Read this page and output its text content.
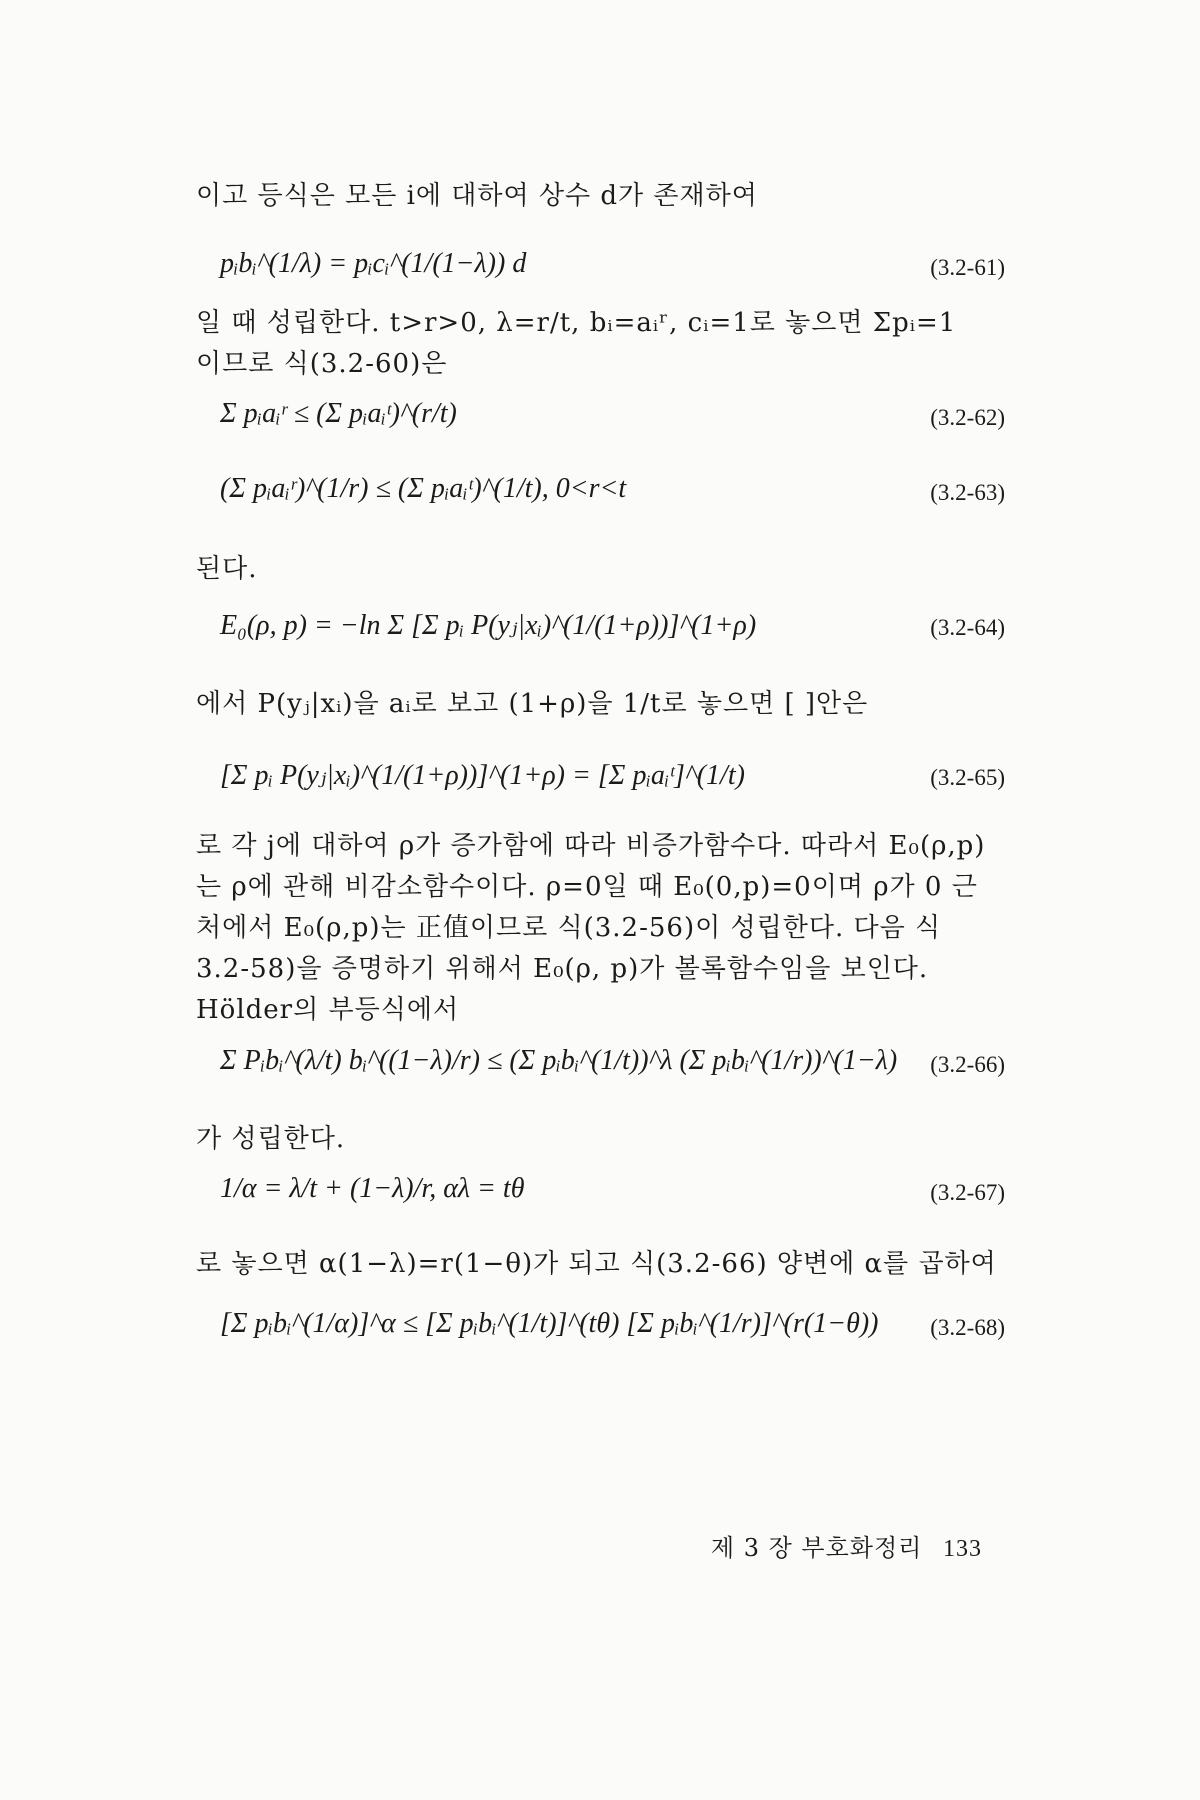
이고 등식은 모든 i에 대하여 상수 d가 존재하여
pᵢbᵢ^(1/λ) = pᵢcᵢ^(1/(1−λ)) d	(3.2-61)
일 때 성립한다. t>r>0, λ=r/t, bᵢ=aᵢʳ, cᵢ=1로 놓으면 Σpᵢ=1
이므로 식(3.2-60)은
Σ pᵢaᵢʳ ≤ (Σ pᵢaᵢᵗ)^(r/t)	(3.2-62)
(Σ pᵢaᵢʳ)^(1/r) ≤ (Σ pᵢaᵢᵗ)^(1/t), 0<r<t	(3.2-63)
된다.
E₀(ρ, p) = −ln Σ [Σ pᵢ P(yⱼ|xᵢ)^(1/(1+ρ))]^(1+ρ)	(3.2-64)
에서 P(yⱼ|xᵢ)을 aᵢ로 보고 (1+ρ)을 1/t로 놓으면 [ ]안은
[Σ pᵢ P(yⱼ|xᵢ)^(1/(1+ρ))]^(1+ρ) = [Σ pᵢaᵢᵗ]^(1/t)	(3.2-65)
로 각 j에 대하여 ρ가 증가함에 따라 비증가함수다. 따라서 E₀(ρ,p)
는 ρ에 관해 비감소함수이다. ρ=0일 때 E₀(0,p)=0이며 ρ가 0 근
처에서 E₀(ρ,p)는 正值이므로 식(3.2-56)이 성립한다. 다음 식
3.2-58)을 증명하기 위해서 E₀(ρ, p)가 볼록함수임을 보인다.
Hölder의 부등식에서
Σ Pᵢbᵢ^(λ/t) bᵢ^((1−λ)/r) ≤ (Σ pᵢbᵢ^(1/t))^λ (Σ pᵢbᵢ^(1/r))^(1−λ) (3.2-66)
가 성립한다.
1/α = λ/t + (1−λ)/r, αλ = tθ	(3.2-67)
로 놓으면 α(1−λ)=r(1−θ)가 되고 식(3.2-66) 양변에 α를 곱하여
[Σ pᵢbᵢ^(1/α)]^α ≤ [Σ pᵢbᵢ^(1/t)]^(tθ) [Σ pᵢbᵢ^(1/r)]^(r(1−θ)) (3.2-68)
제 3 장 부호화정리 133
